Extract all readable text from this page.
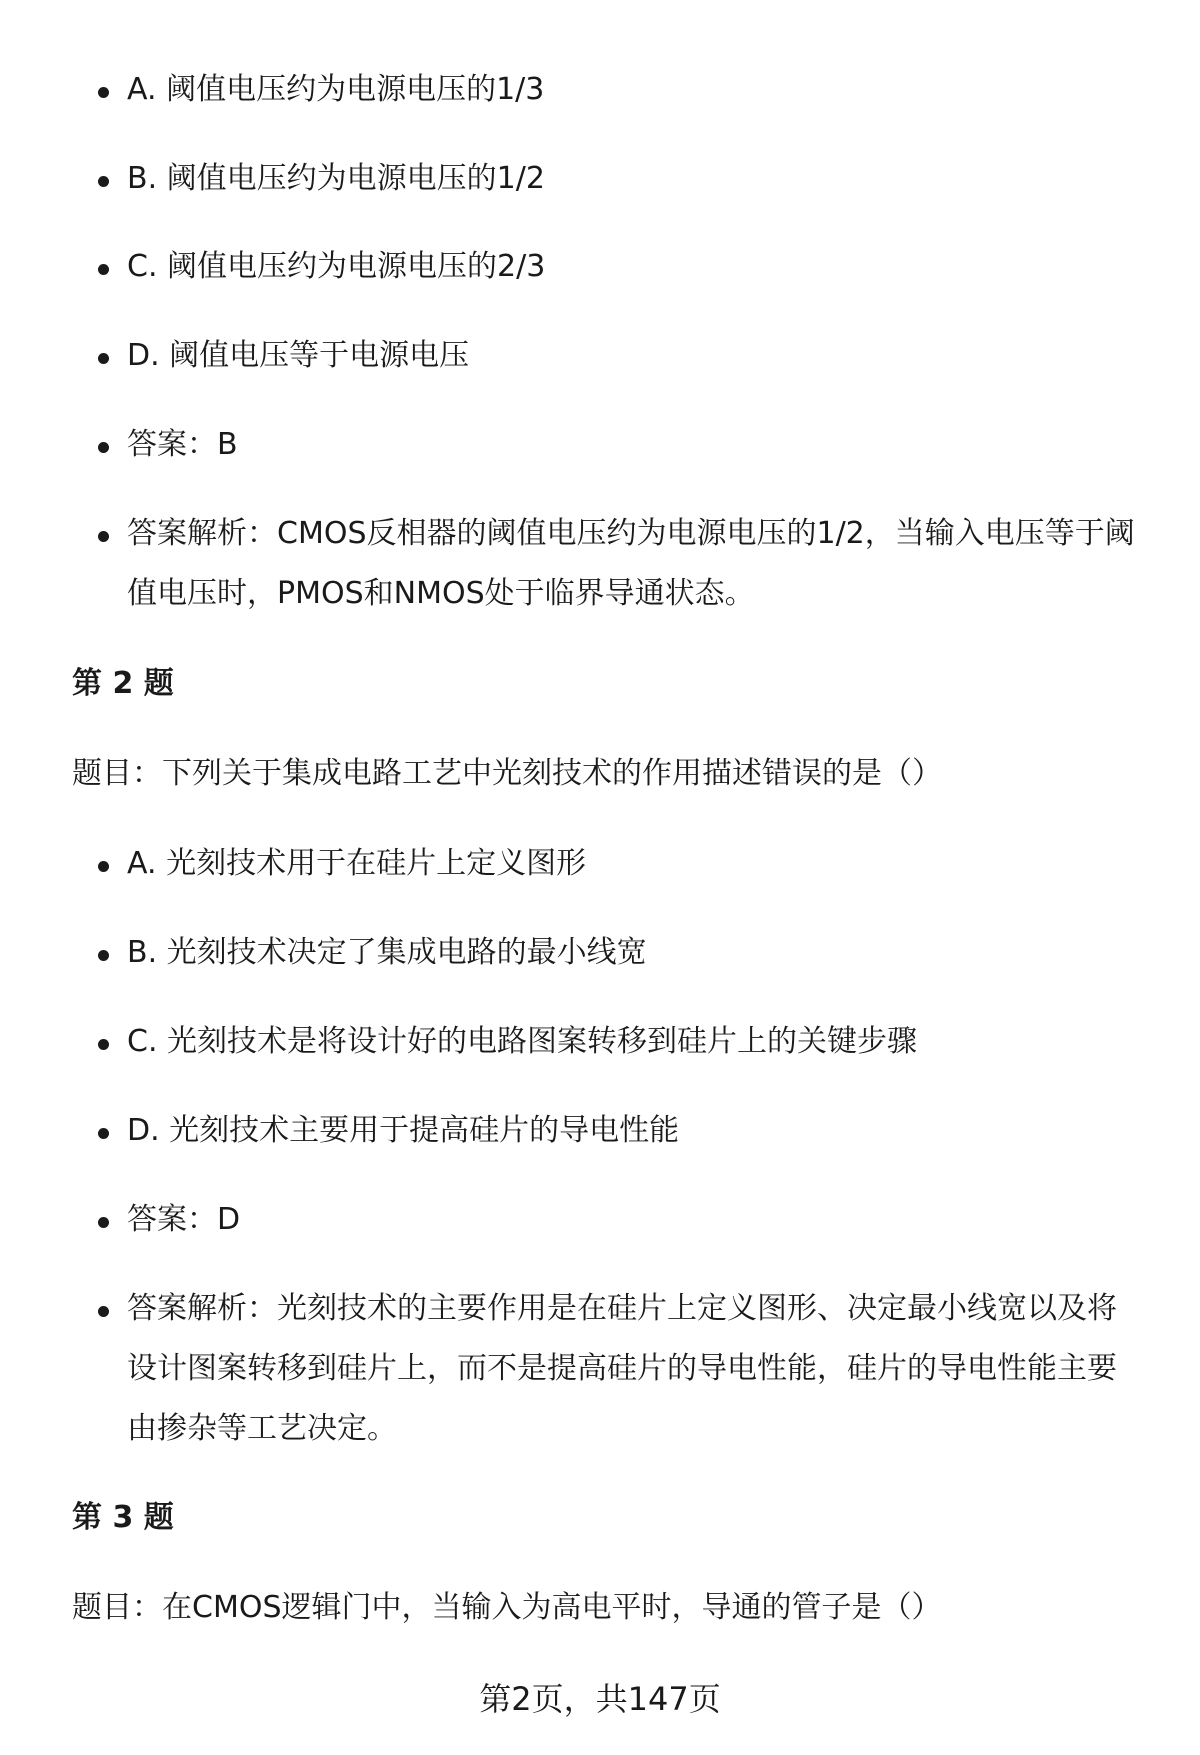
A. 阈值电压约为电源电压的1/3
B. 阈值电压约为电源电压的1/2
C. 阈值电压约为电源电压的2/3
D. 阈值电压等于电源电压
答案：B
答案解析：CMOS反相器的阈值电压约为电源电压的1/2，当输入电压等于阈值电压时，PMOS和NMOS处于临界导通状态。
第 2 题
题目：下列关于集成电路工艺中光刻技术的作用描述错误的是（）
A. 光刻技术用于在硅片上定义图形
B. 光刻技术决定了集成电路的最小线宽
C. 光刻技术是将设计好的电路图案转移到硅片上的关键步骤
D. 光刻技术主要用于提高硅片的导电性能
答案：D
答案解析：光刻技术的主要作用是在硅片上定义图形、决定最小线宽以及将设计图案转移到硅片上，而不是提高硅片的导电性能，硅片的导电性能主要由掺杂等工艺决定。
第 3 题
题目：在CMOS逻辑门中，当输入为高电平时，导通的管子是（）
第2页，共147页
